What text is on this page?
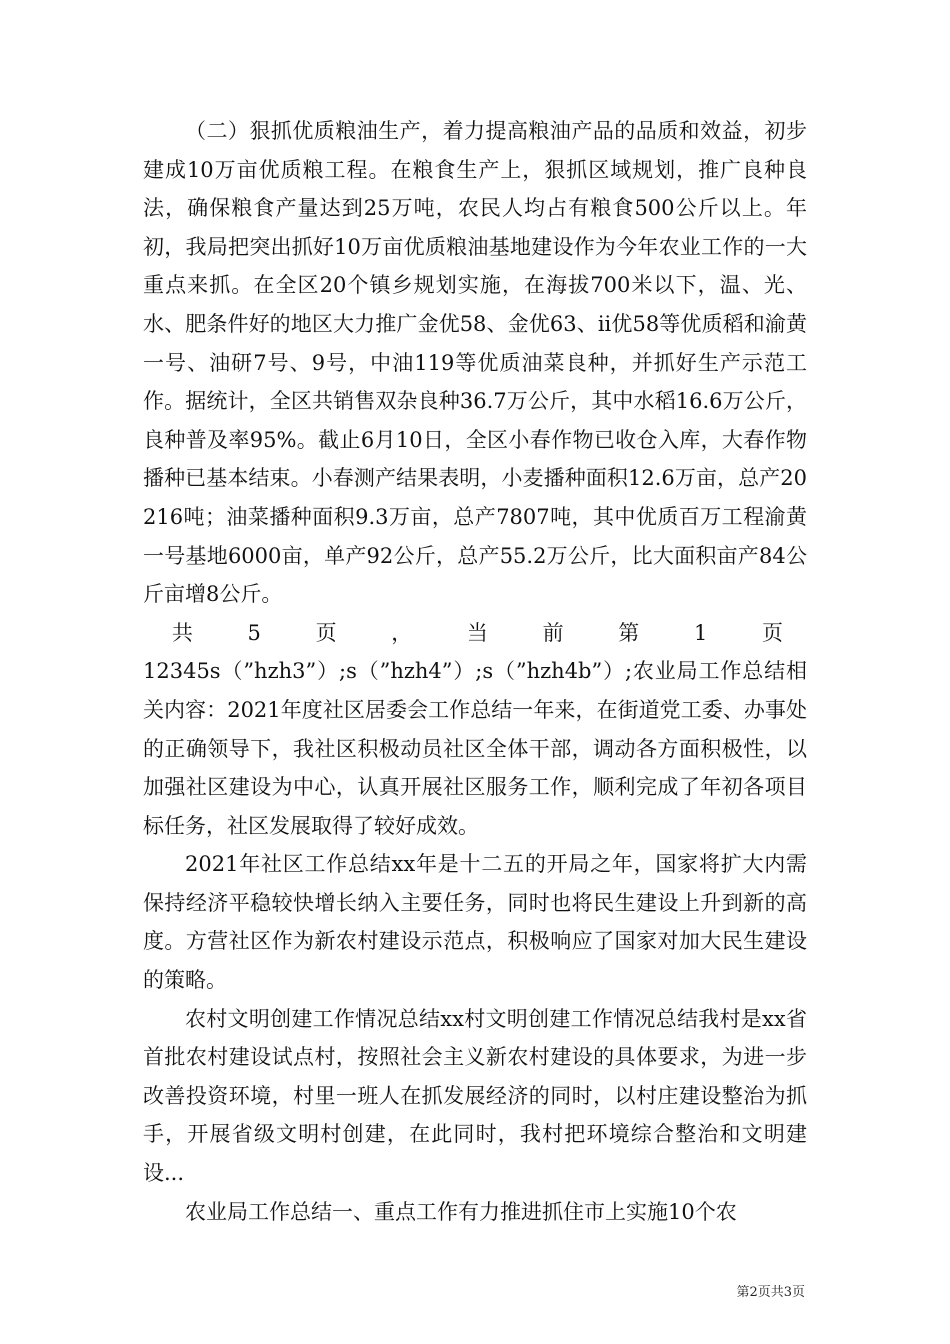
（二）狠抓优质粮油生产，着力提高粮油产品的品质和效益，初步建成10万亩优质粮工程。在粮食生产上，狠抓区域规划，推广良种良法，确保粮食产量达到25万吨，农民人均占有粮食500公斤以上。年初，我局把突出抓好10万亩优质粮油基地建设作为今年农业工作的一大重点来抓。在全区20个镇乡规划实施，在海拔700米以下，温、光、水、肥条件好的地区大力推广金优58、金优63、ii优58等优质稻和渝黄一号、油研7号、9号，中油119等优质油菜良种，并抓好生产示范工作。据统计，全区共销售双杂良种36.7万公斤，其中水稻16.6万公斤，良种普及率95%。截止6月10日，全区小春作物已收仓入库，大春作物播种已基本结束。小春测产结果表明，小麦播种面积12.6万亩，总产20216吨；油菜播种面积9.3万亩，总产7807吨，其中优质百万工程渝黄一号基地6000亩，单产92公斤，总产55.2万公斤，比大面积亩产84公斤亩增8公斤。

共 5 页 ， 当 前 第 1 页

12345s（”hzh3”）;s（”hzh4”）;s（”hzh4b”）;农业局工作总结相关内容：2021年度社区居委会工作总结一年来，在街道党工委、办事处的正确领导下，我社区积极动员社区全体干部，调动各方面积极性，以加强社区建设为中心，认真开展社区服务工作，顺利完成了年初各项目标任务，社区发展取得了较好成效。

2021年社区工作总结xx年是十二五的开局之年，国家将扩大内需保持经济平稳较快增长纳入主要任务，同时也将民生建设上升到新的高度。方营社区作为新农村建设示范点，积极响应了国家对加大民生建设的策略。

农村文明创建工作情况总结xx村文明创建工作情况总结我村是xx省首批农村建设试点村，按照社会主义新农村建设的具体要求，为进一步改善投资环境，村里一班人在抓发展经济的同时，以村庄建设整治为抓手，开展省级文明村创建，在此同时，我村把环境综合整治和文明建设...

农业局工作总结一、重点工作有力推进抓住市上实施10个农

第2页共3页
